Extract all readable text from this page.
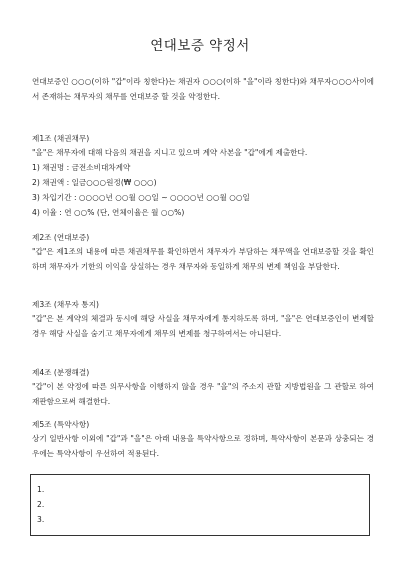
연대보증 약정서

연대보증인 ○○○(이하 "갑"이라 칭한다)는 채권자 ○○○(이하 "을"이라 칭한다)와 채무자○○○사이에서 존재하는 채무자의 채무를 연대보증 할 것을 약정한다.

제1조 (채권채무)

"을"은 채무자에 대해 다음의 채권을 지니고 있으며 계약 사본을 "갑"에게 제출한다.

1) 채권명 : 금전소비대차계약

2) 채권액 : 일금○○○원정(₩ ○○○)

3) 차입기간 : ○○○○년 ○○월 ○○일 ~ ○○○○년 ○○월 ○○일

4) 이율 : 연 ○○% (단, 연체이율은 월 ○○%)

제2조 (연대보증)

"갑"은 제1조의 내용에 따른 채권채무를 확인하면서 채무자가 부담하는 채무액을 연대보증할 것을 확인하며 채무자가 기한의 이익을 상실하는 경우 채무자와 동일하게 채무의 변제 책임을 부담한다.

제3조 (채무자 통지)

"갑"은 본 계약의 체결과 동시에 해당 사실을 채무자에게 통지하도록 하며, "을"은 연대보증인이 변제할 경우 해당 사실을 숨기고 채무자에게 채무의 변제를 청구하여서는 아니된다.

제4조 (분쟁해결)

"갑"이 본 약정에 따른 의무사항을 이행하지 않을 경우 "을"의 주소지 관할 지방법원을 그 관할로 하여 재판함으로써 해결한다.

제5조 (특약사항)

상기 일반사항 이외에 "갑"과 "을"은 아래 내용을 특약사항으로 정하며, 특약사항이 본문과 상충되는 경우에는 특약사항이 우선하여 적용된다.

1.

2.

3.
